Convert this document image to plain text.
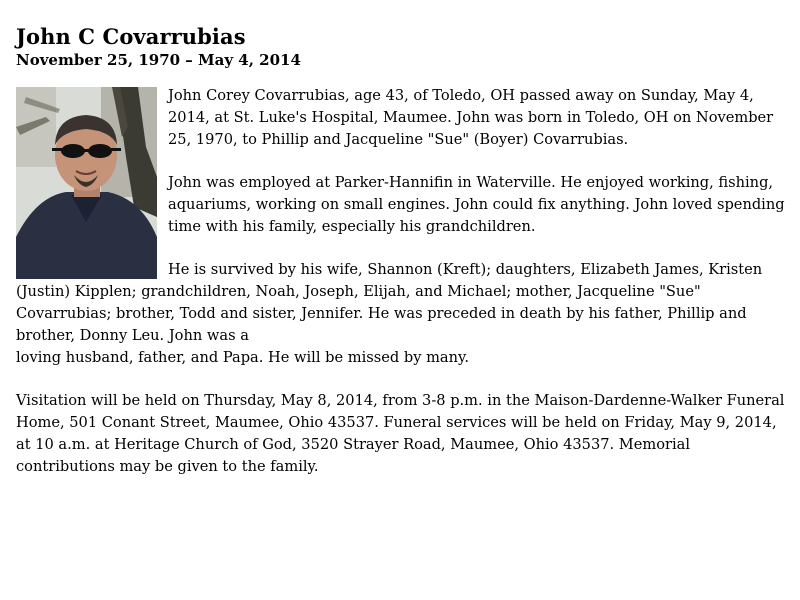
John C Covarrubias
November 25, 1970 – May 4, 2014

John Corey Covarrubias, age 43, of Toledo, OH passed away on Sunday, May 4, 2014, at St. Luke's Hospital, Maumee. John was born in Toledo, OH on November 25, 1970, to Phillip and Jacqueline "Sue" (Boyer) Covarrubias.

John was employed at Parker-Hannifin in Waterville. He enjoyed working, fishing, aquariums, working on small engines. John could fix anything. John loved spending time with his family, especially his grandchildren.

He is survived by his wife, Shannon (Kreft); daughters, Elizabeth James, Kristen (Justin) Kipplen; grandchildren, Noah, Joseph, Elijah, and Michael; mother, Jacqueline "Sue" Covarrubias; brother, Todd and sister, Jennifer. He was preceded in death by his father, Phillip and brother, Donny Leu. John was a

loving husband, father, and Papa. He will be missed by many.

Visitation will be held on Thursday, May 8, 2014, from 3-8 p.m. in the Maison-Dardenne-Walker Funeral Home, 501 Conant Street, Maumee, Ohio 43537. Funeral services will be held on Friday, May 9, 2014, at 10 a.m. at Heritage Church of God, 3520 Strayer Road, Maumee, Ohio 43537. Memorial contributions may be given to the family.
